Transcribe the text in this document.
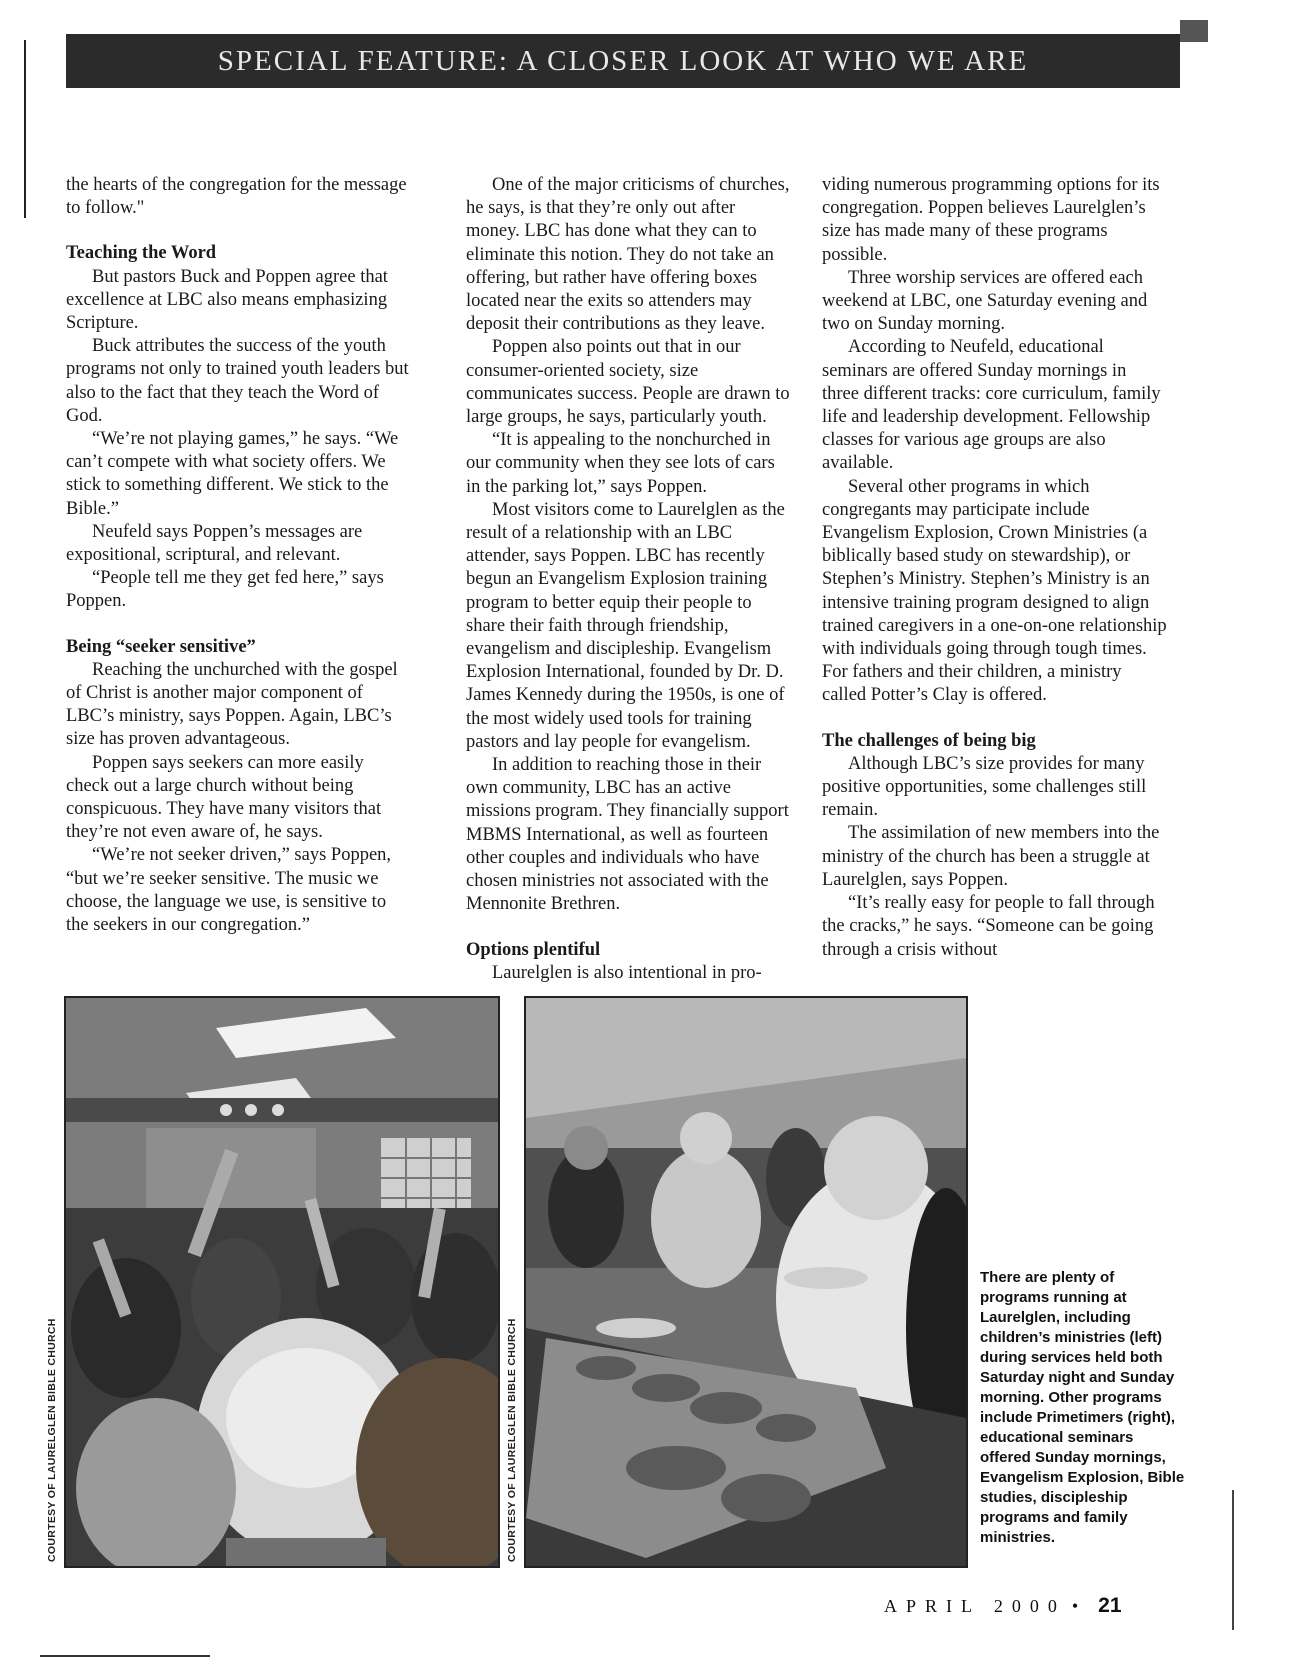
SPECIAL FEATURE: A CLOSER LOOK AT WHO WE ARE

the hearts of the congregation for the message to follow."

Teaching the Word

But pastors Buck and Poppen agree that excellence at LBC also means emphasizing Scripture.

Buck attributes the success of the youth programs not only to trained youth leaders but also to the fact that they teach the Word of God.

“We’re not playing games,” he says. “We can’t compete with what society offers. We stick to something different. We stick to the Bible.”

Neufeld says Poppen’s messages are expositional, scriptural, and relevant.

“People tell me they get fed here,” says Poppen.

Being “seeker sensitive”

Reaching the unchurched with the gospel of Christ is another major component of LBC’s ministry, says Poppen. Again, LBC’s size has proven advantageous.

Poppen says seekers can more easily check out a large church without being conspicuous. They have many visitors that they’re not even aware of, he says.

“We’re not seeker driven,” says Poppen, “but we’re seeker sensitive. The music we choose, the language we use, is sensitive to the seekers in our congregation.”

One of the major criticisms of churches, he says, is that they’re only out after money. LBC has done what they can to eliminate this notion. They do not take an offering, but rather have offering boxes located near the exits so attenders may deposit their contributions as they leave.

Poppen also points out that in our consumer-oriented society, size communicates success. People are drawn to large groups, he says, particularly youth.

“It is appealing to the nonchurched in our community when they see lots of cars in the parking lot,” says Poppen.

Most visitors come to Laurelglen as the result of a relationship with an LBC attender, says Poppen. LBC has recently begun an Evangelism Explosion training program to better equip their people to share their faith through friendship, evangelism and discipleship. Evangelism Explosion International, founded by Dr. D. James Kennedy during the 1950s, is one of the most widely used tools for training pastors and lay people for evangelism.

In addition to reaching those in their own community, LBC has an active missions program. They financially support MBMS International, as well as fourteen other couples and individuals who have chosen ministries not associated with the Mennonite Brethren.

Options plentiful

Laurelglen is also intentional in pro-

viding numerous programming options for its congregation. Poppen believes Laurelglen’s size has made many of these programs possible.

Three worship services are offered each weekend at LBC, one Saturday evening and two on Sunday morning.

According to Neufeld, educational seminars are offered Sunday mornings in three different tracks: core curriculum, family life and leadership development. Fellowship classes for various age groups are also available.

Several other programs in which congregants may participate include Evangelism Explosion, Crown Ministries (a biblically based study on stewardship), or Stephen’s Ministry. Stephen’s Ministry is an intensive training program designed to align trained caregivers in a one-on-one relationship with individuals going through tough times. For fathers and their children, a ministry called Potter’s Clay is offered.

The challenges of being big

Although LBC’s size provides for many positive opportunities, some challenges still remain.

The assimilation of new members into the ministry of the church has been a struggle at Laurelglen, says Poppen.

“It’s really easy for people to fall through the cracks,” he says. “Someone can be going through a crisis without

COURTESY OF LAURELGLEN BIBLE CHURCH	COURTESY OF LAURELGLEN BIBLE CHURCH
There are plenty of programs running at Laurelglen, including children’s ministries (left) during services held both Saturday night and Sunday morning. Other programs include Primetimers (right), educational seminars offered Sunday mornings, Evangelism Explosion, Bible studies, discipleship programs and family ministries.
APRIL 2000 • 21
